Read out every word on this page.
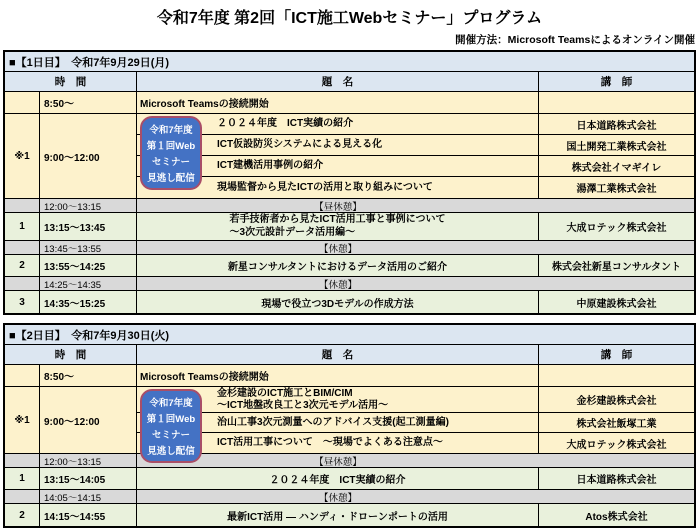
令和7年度 第2回「ICT施工Webセミナー」プログラム
開催方法：Microsoft Teamsによるオンライン開催
■【1日目】　令和7年9月29日(月)
時　間	題　名	講　師
8:50～	Microsoft Teamsの接続開始
※1	9:00～12:00
２０２４年度　ICT実績の紹介	日本道路株式会社
ICT仮設防災システムによる見える化	国土開発工業株式会社
ICT建機活用事例の紹介	株式会社イマギイレ
現場監督から見たICTの活用と取り組みについて	湯澤工業株式会社
12:00～13:15	【昼休憩】
1	13:15～13:45
若手技術者から見たICT活用工事と事例について
～3次元設計データ活用編～	大成ロテック株式会社
13:45～13:55	【休憩】
2	13:55～14:25	新星コンサルタントにおけるデータ活用のご紹介	株式会社新星コンサルタント
14:25～14:35	【休憩】
3	14:35～15:25	現場で役立つ3Dモデルの作成方法	中原建設株式会社
令和7年度
第１回Web
セミナー
見逃し配信
■【2日目】　令和7年9月30日(火)
時　間	題　名	講　師
8:50～	Microsoft Teamsの接続開始
※1	9:00～12:00
金杉建設のICT施工とBIM/CIM
～ICT地盤改良工と3次元モデル活用～	金杉建設株式会社
治山工事3次元測量へのアドバイス支援(起工測量編)	株式会社飯塚工業
ICT活用工事について　～現場でよくある注意点～	大成ロテック株式会社
12:00～13:15	【昼休憩】
1	13:15～14:05	２０２４年度　ICT実績の紹介	日本道路株式会社
14:05～14:15	【休憩】
2	14:15～14:55	最新ICT活用 — ハンディ・ドローンポートの活用	Atos株式会社
令和7年度
第１回Web
セミナー
見逃し配信
